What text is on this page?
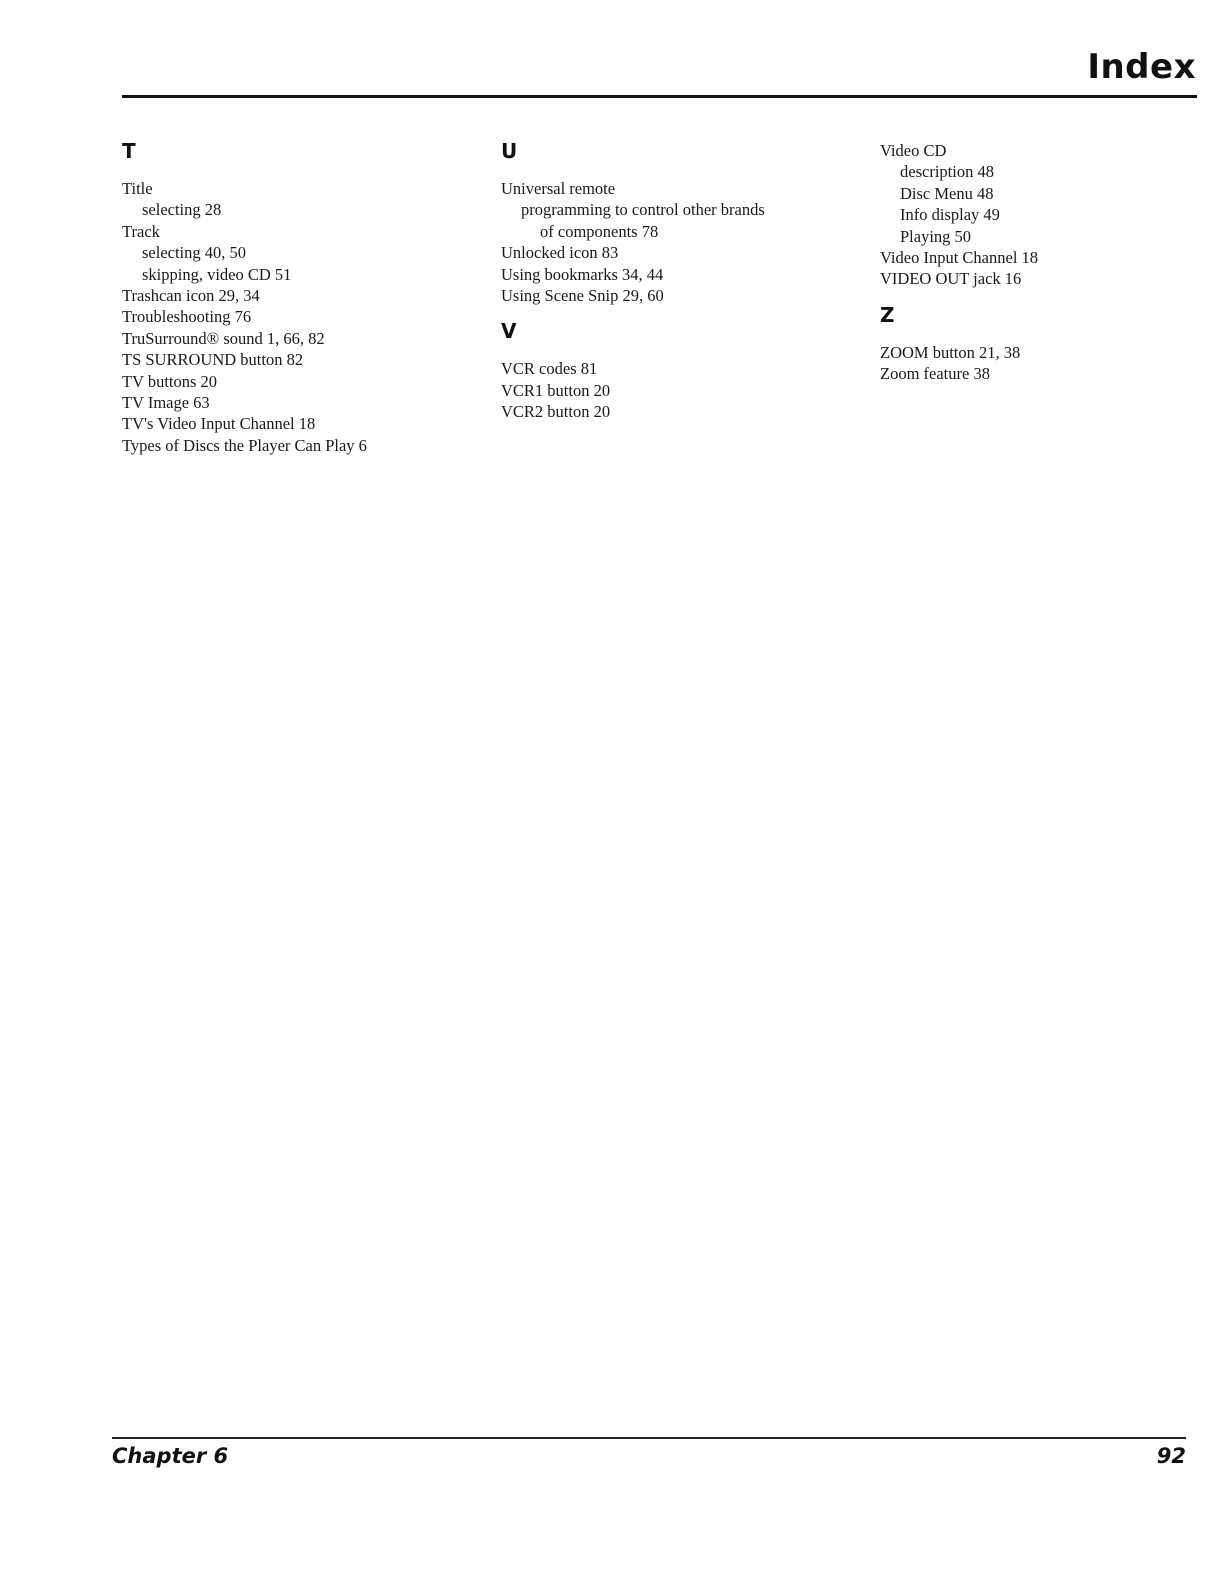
Index
T
Title
selecting 28
Track
selecting 40, 50
skipping, video CD 51
Trashcan icon 29, 34
Troubleshooting 76
TruSurround® sound 1, 66, 82
TS SURROUND button 82
TV buttons 20
TV Image 63
TV's Video Input Channel 18
Types of Discs the Player Can Play 6
U
Universal remote
programming to control other brands
of components 78
Unlocked icon 83
Using bookmarks 34, 44
Using Scene Snip 29, 60
V
VCR codes 81
VCR1 button 20
VCR2 button 20
Video CD
description 48
Disc Menu 48
Info display 49
Playing 50
Video Input Channel 18
VIDEO OUT jack 16
Z
ZOOM button 21, 38
Zoom feature 38
Chapter 6	92
